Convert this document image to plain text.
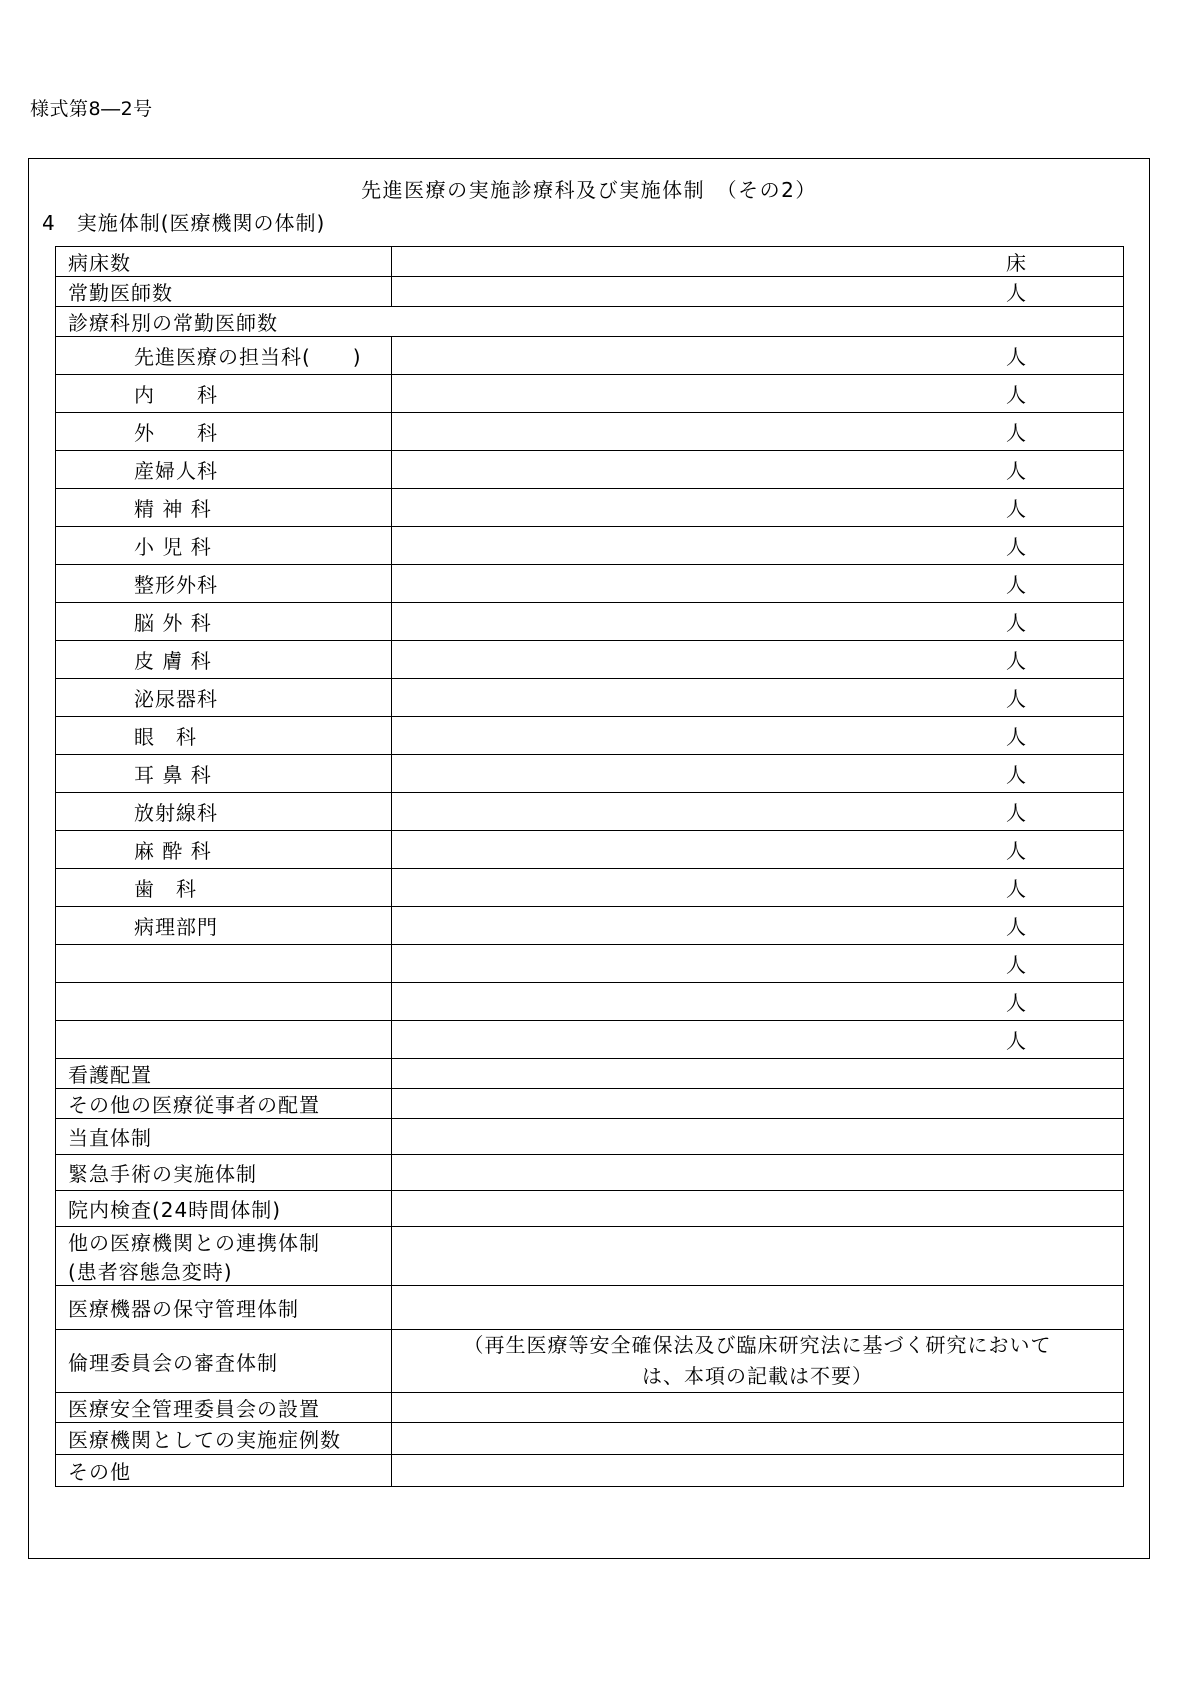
様式第8―2号
先進医療の実施診療科及び実施体制　（その2）
4　実施体制(医療機関の体制)
病床数	床
常勤医師数	人
診療科別の常勤医師数	
先進医療の担当科(　　)	人
内　　科	人
外　　科	人
産婦人科	人
精 神 科	人
小 児 科	人
整形外科	人
脳 外 科	人
皮 膚 科	人
泌尿器科	人
眼　科	人
耳 鼻 科	人
放射線科	人
麻 酔 科	人
歯　科	人
病理部門	人
	人
	人
	人
看護配置	
その他の医療従事者の配置	
当直体制	
緊急手術の実施体制	
院内検査(24時間体制)	

他の医療機関との連携体制
(患者容態急変時)	

医療機器の保守管理体制	
倫理委員会の審査体制	（再生医療等安全確保法及び臨床研究法に基づく研究において
は、本項の記載は不要）

医療安全管理委員会の設置	
医療機関としての実施症例数	
その他	
